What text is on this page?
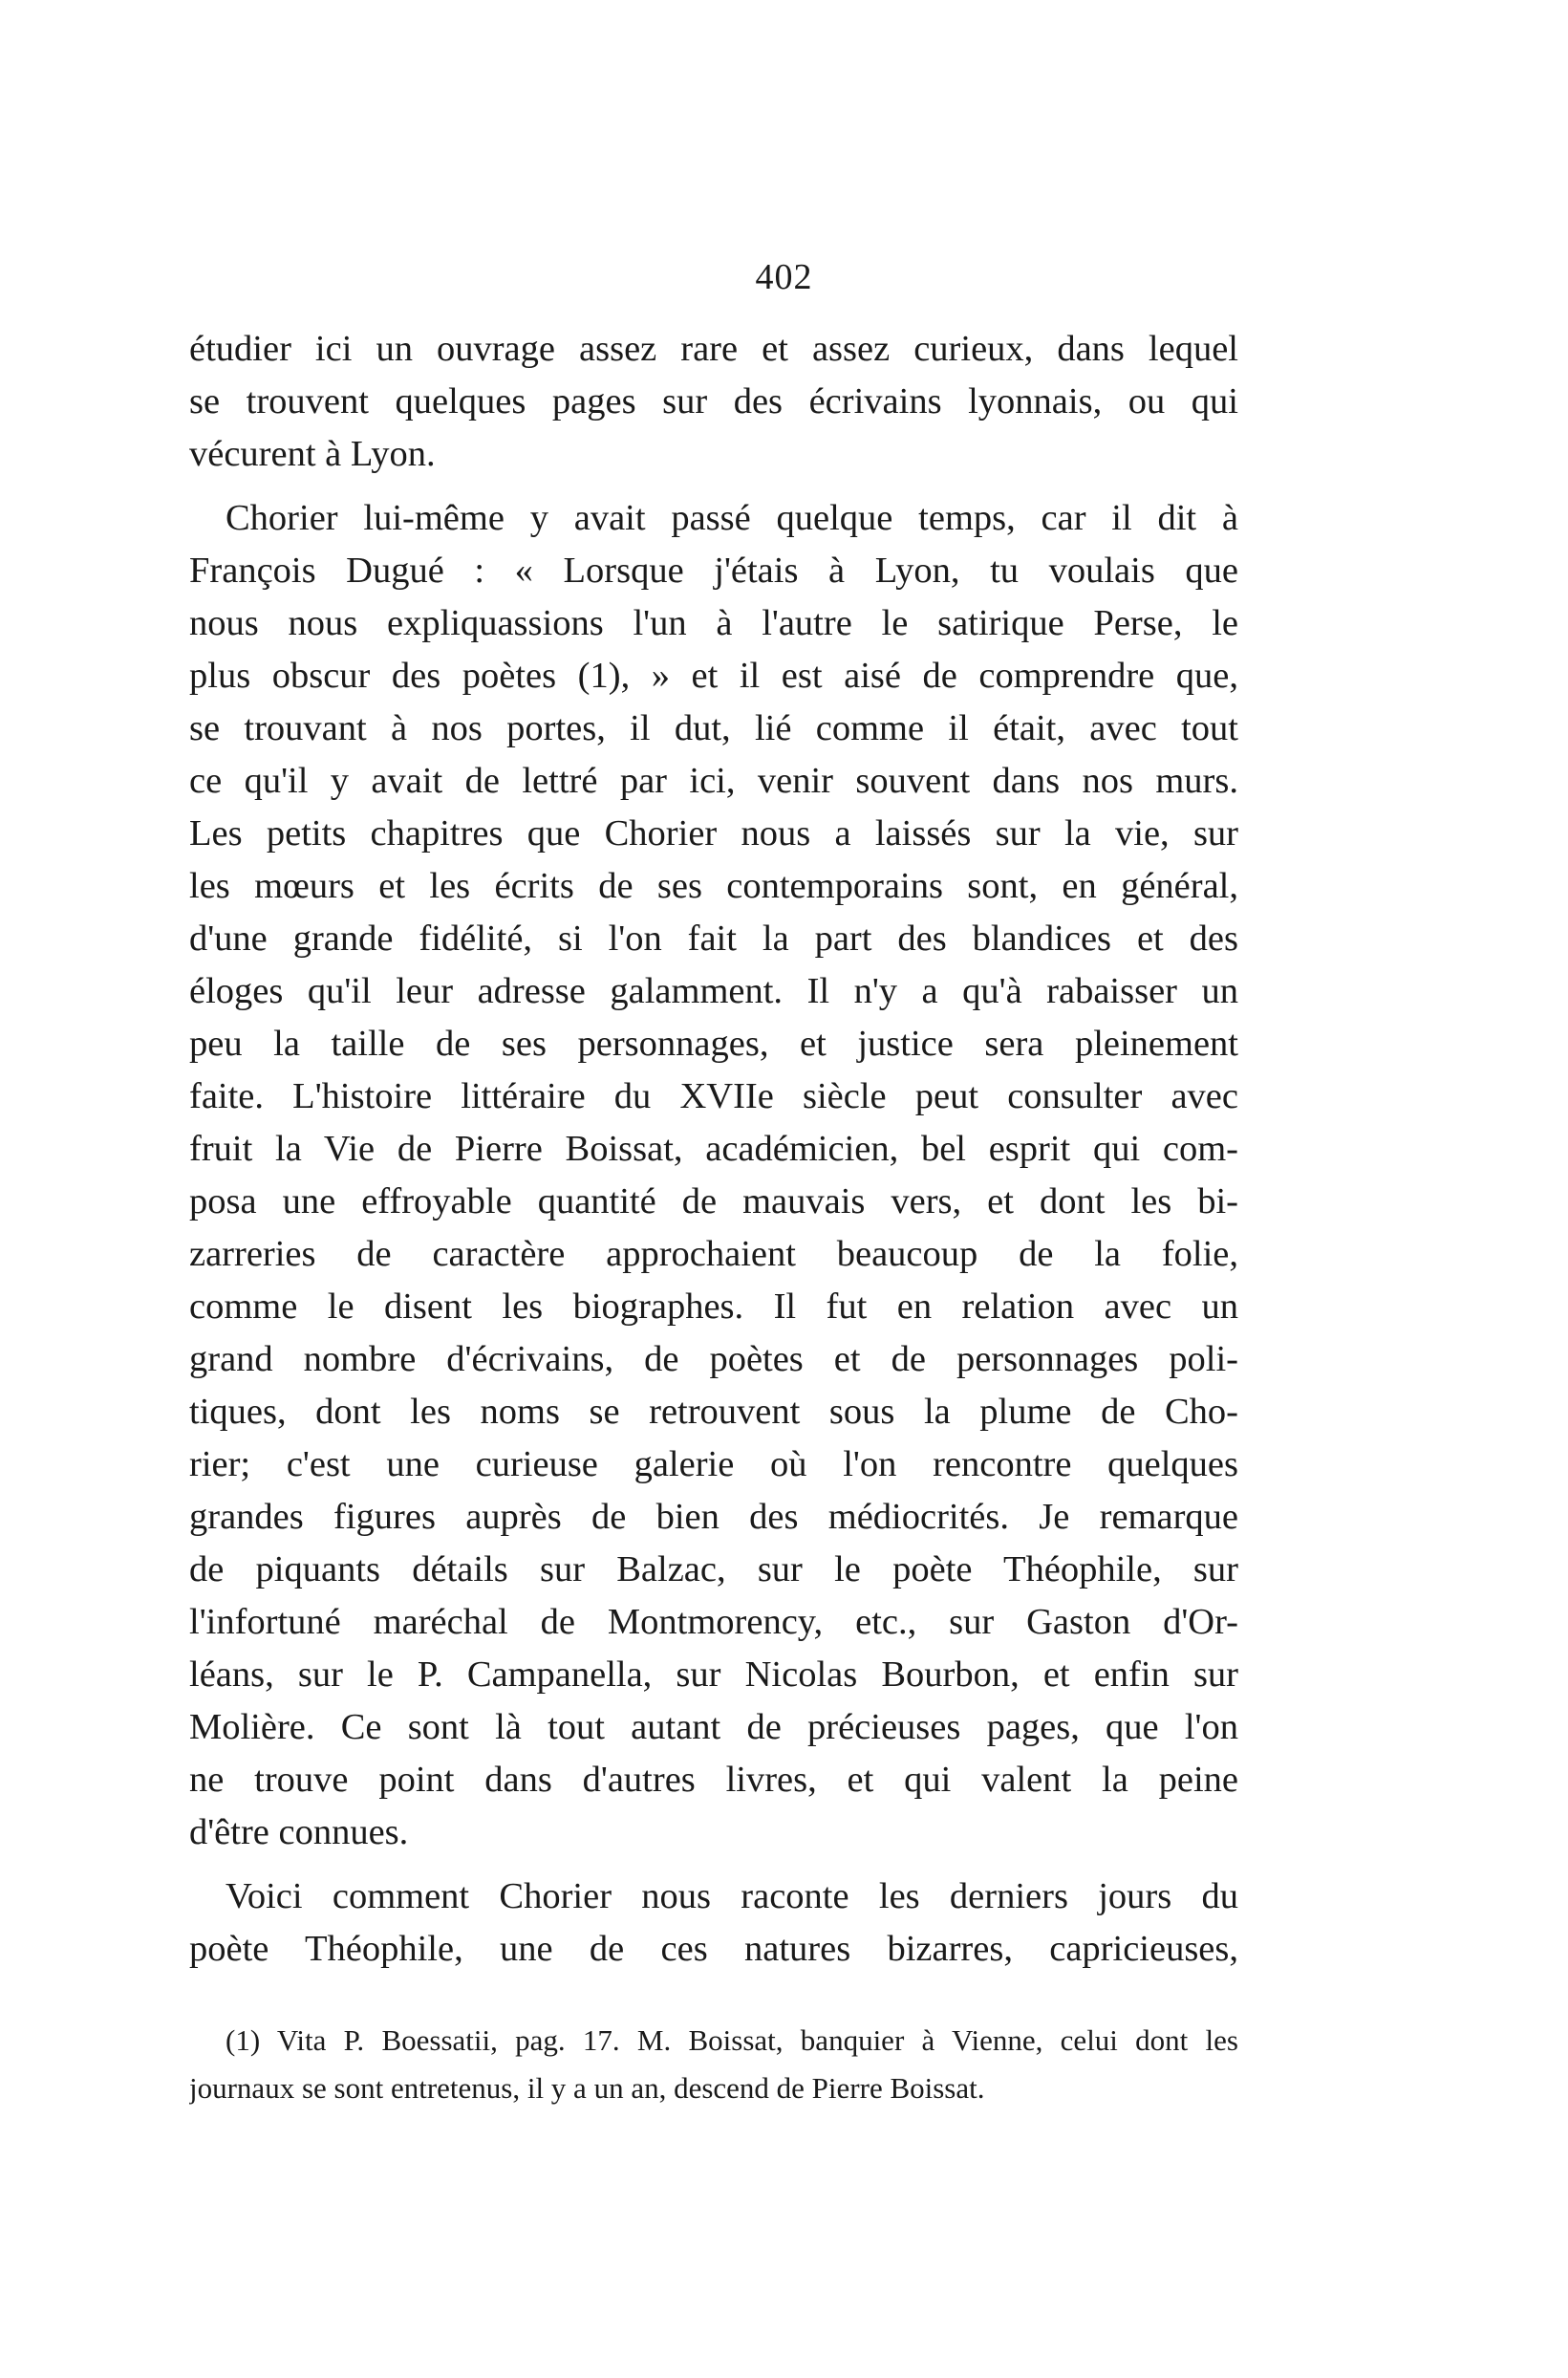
402

étudier ici un ouvrage assez rare et assez curieux, dans lequel
se trouvent quelques pages sur des écrivains lyonnais, ou qui
vécurent à Lyon.

Chorier lui-même y avait passé quelque temps, car il dit à
François Dugué : « Lorsque j'étais à Lyon, tu voulais que
nous nous expliquassions l'un à l'autre le satirique Perse, le
plus obscur des poètes (1), » et il est aisé de comprendre que,
se trouvant à nos portes, il dut, lié comme il était, avec tout
ce qu'il y avait de lettré par ici, venir souvent dans nos murs.
Les petits chapitres que Chorier nous a laissés sur la vie, sur
les mœurs et les écrits de ses contemporains sont, en général,
d'une grande fidélité, si l'on fait la part des blandices et des
éloges qu'il leur adresse galamment. Il n'y a qu'à rabaisser un
peu la taille de ses personnages, et justice sera pleinement
faite. L'histoire littéraire du XVIIe siècle peut consulter avec
fruit la Vie de Pierre Boissat, académicien, bel esprit qui com-
posa une effroyable quantité de mauvais vers, et dont les bi-
zarreries de caractère approchaient beaucoup de la folie,
comme le disent les biographes. Il fut en relation avec un
grand nombre d'écrivains, de poètes et de personnages poli-
tiques, dont les noms se retrouvent sous la plume de Cho-
rier; c'est une curieuse galerie où l'on rencontre quelques
grandes figures auprès de bien des médiocrités. Je remarque
de piquants détails sur Balzac, sur le poète Théophile, sur
l'infortuné maréchal de Montmorency, etc., sur Gaston d'Or-
léans, sur le P. Campanella, sur Nicolas Bourbon, et enfin sur
Molière. Ce sont là tout autant de précieuses pages, que l'on
ne trouve point dans d'autres livres, et qui valent la peine
d'être connues.

Voici comment Chorier nous raconte les derniers jours du
poète Théophile, une de ces natures bizarres, capricieuses,

(1) Vita P. Boessatii, pag. 17. M. Boissat, banquier à Vienne, celui dont les
journaux se sont entretenus, il y a un an, descend de Pierre Boissat.
